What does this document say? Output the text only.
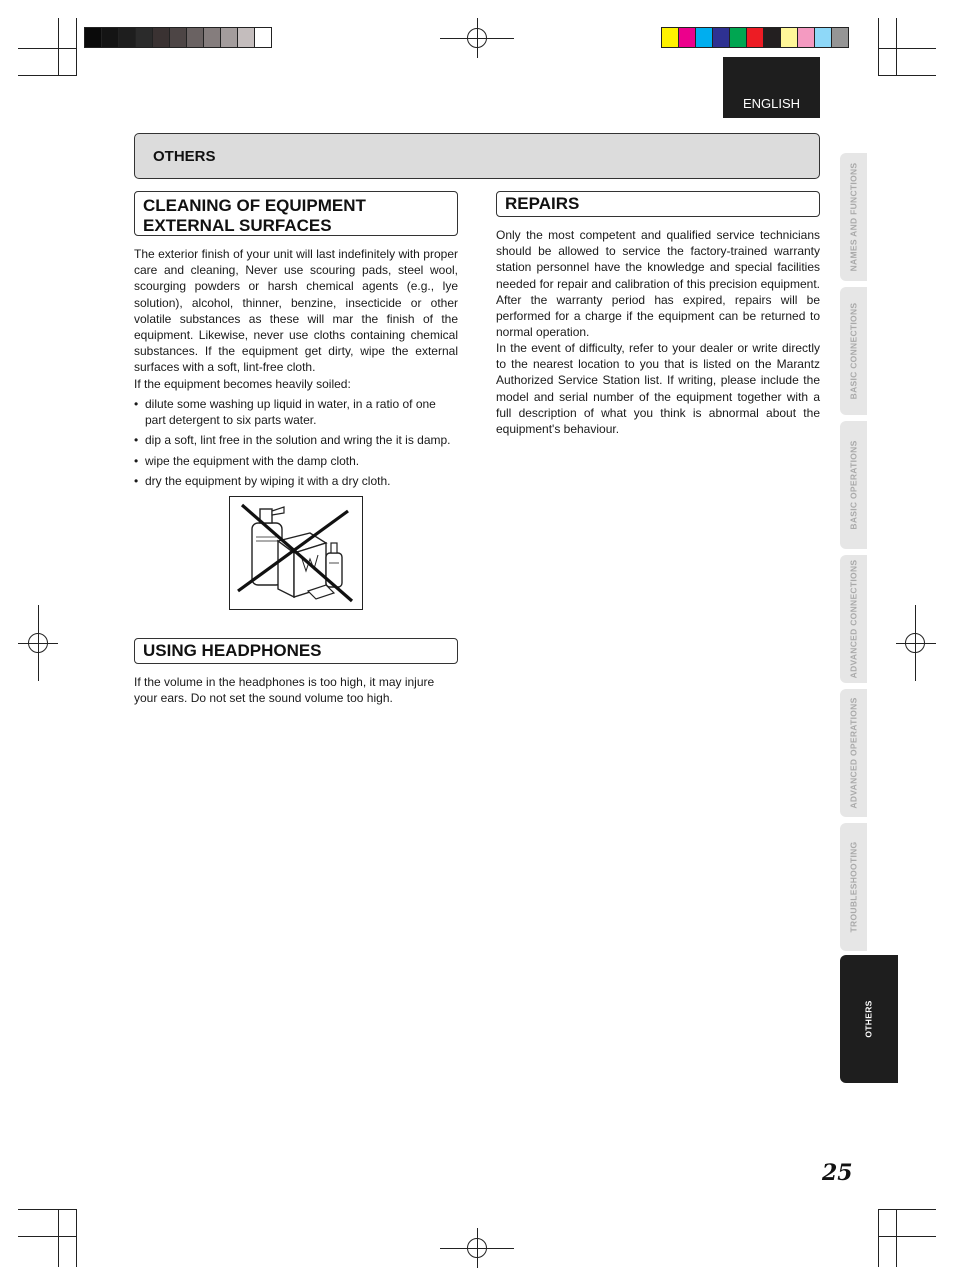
ENGLISH
OTHERS
CLEANING OF EQUIPMENT
EXTERNAL SURFACES

The exterior finish of your unit will last indefinitely with proper care and cleaning, Never use scouring pads, steel wool, scourging powders or harsh chemical agents (e.g., lye solution), alcohol, thinner, benzine, insecticide or other volatile substances as these will mar the finish of the equipment. Likewise, never use cloths containing chemical substances. If the equipment get dirty, wipe the external surfaces with a soft, lint-free cloth.

If the equipment becomes heavily soiled:

• dilute some washing up liquid in water, in a ratio of one part detergent to six parts water.
• dip a soft, lint free in the solution and wring the it is damp.
• wipe the equipment with the damp cloth.
• dry the equipment by wiping it with a dry cloth.
USING HEADPHONES

If the volume in the headphones is too high, it may injure your ears. Do not set the sound volume too high.

REPAIRS

Only the most competent and qualified service technicians should be allowed to service the factory-trained warranty station personnel have the knowledge and special facilities needed for repair and calibration of this precision equipment. After the warranty period has expired, repairs will be performed for a charge if the equipment can be returned to normal operation.

In the event of difficulty, refer to your dealer or write directly to the nearest location to you that is listed on the Marantz Authorized Service Station list. If writing, please include the model and serial number of the equipment together with a full description of what you think is abnormal about the equipment's behaviour.

NAMES AND FUNCTIONS
BASIC CONNECTIONS
BASIC OPERATIONS
ADVANCED CONNECTIONS
ADVANCED OPERATIONS
TROUBLESHOOTING
OTHERS
25
